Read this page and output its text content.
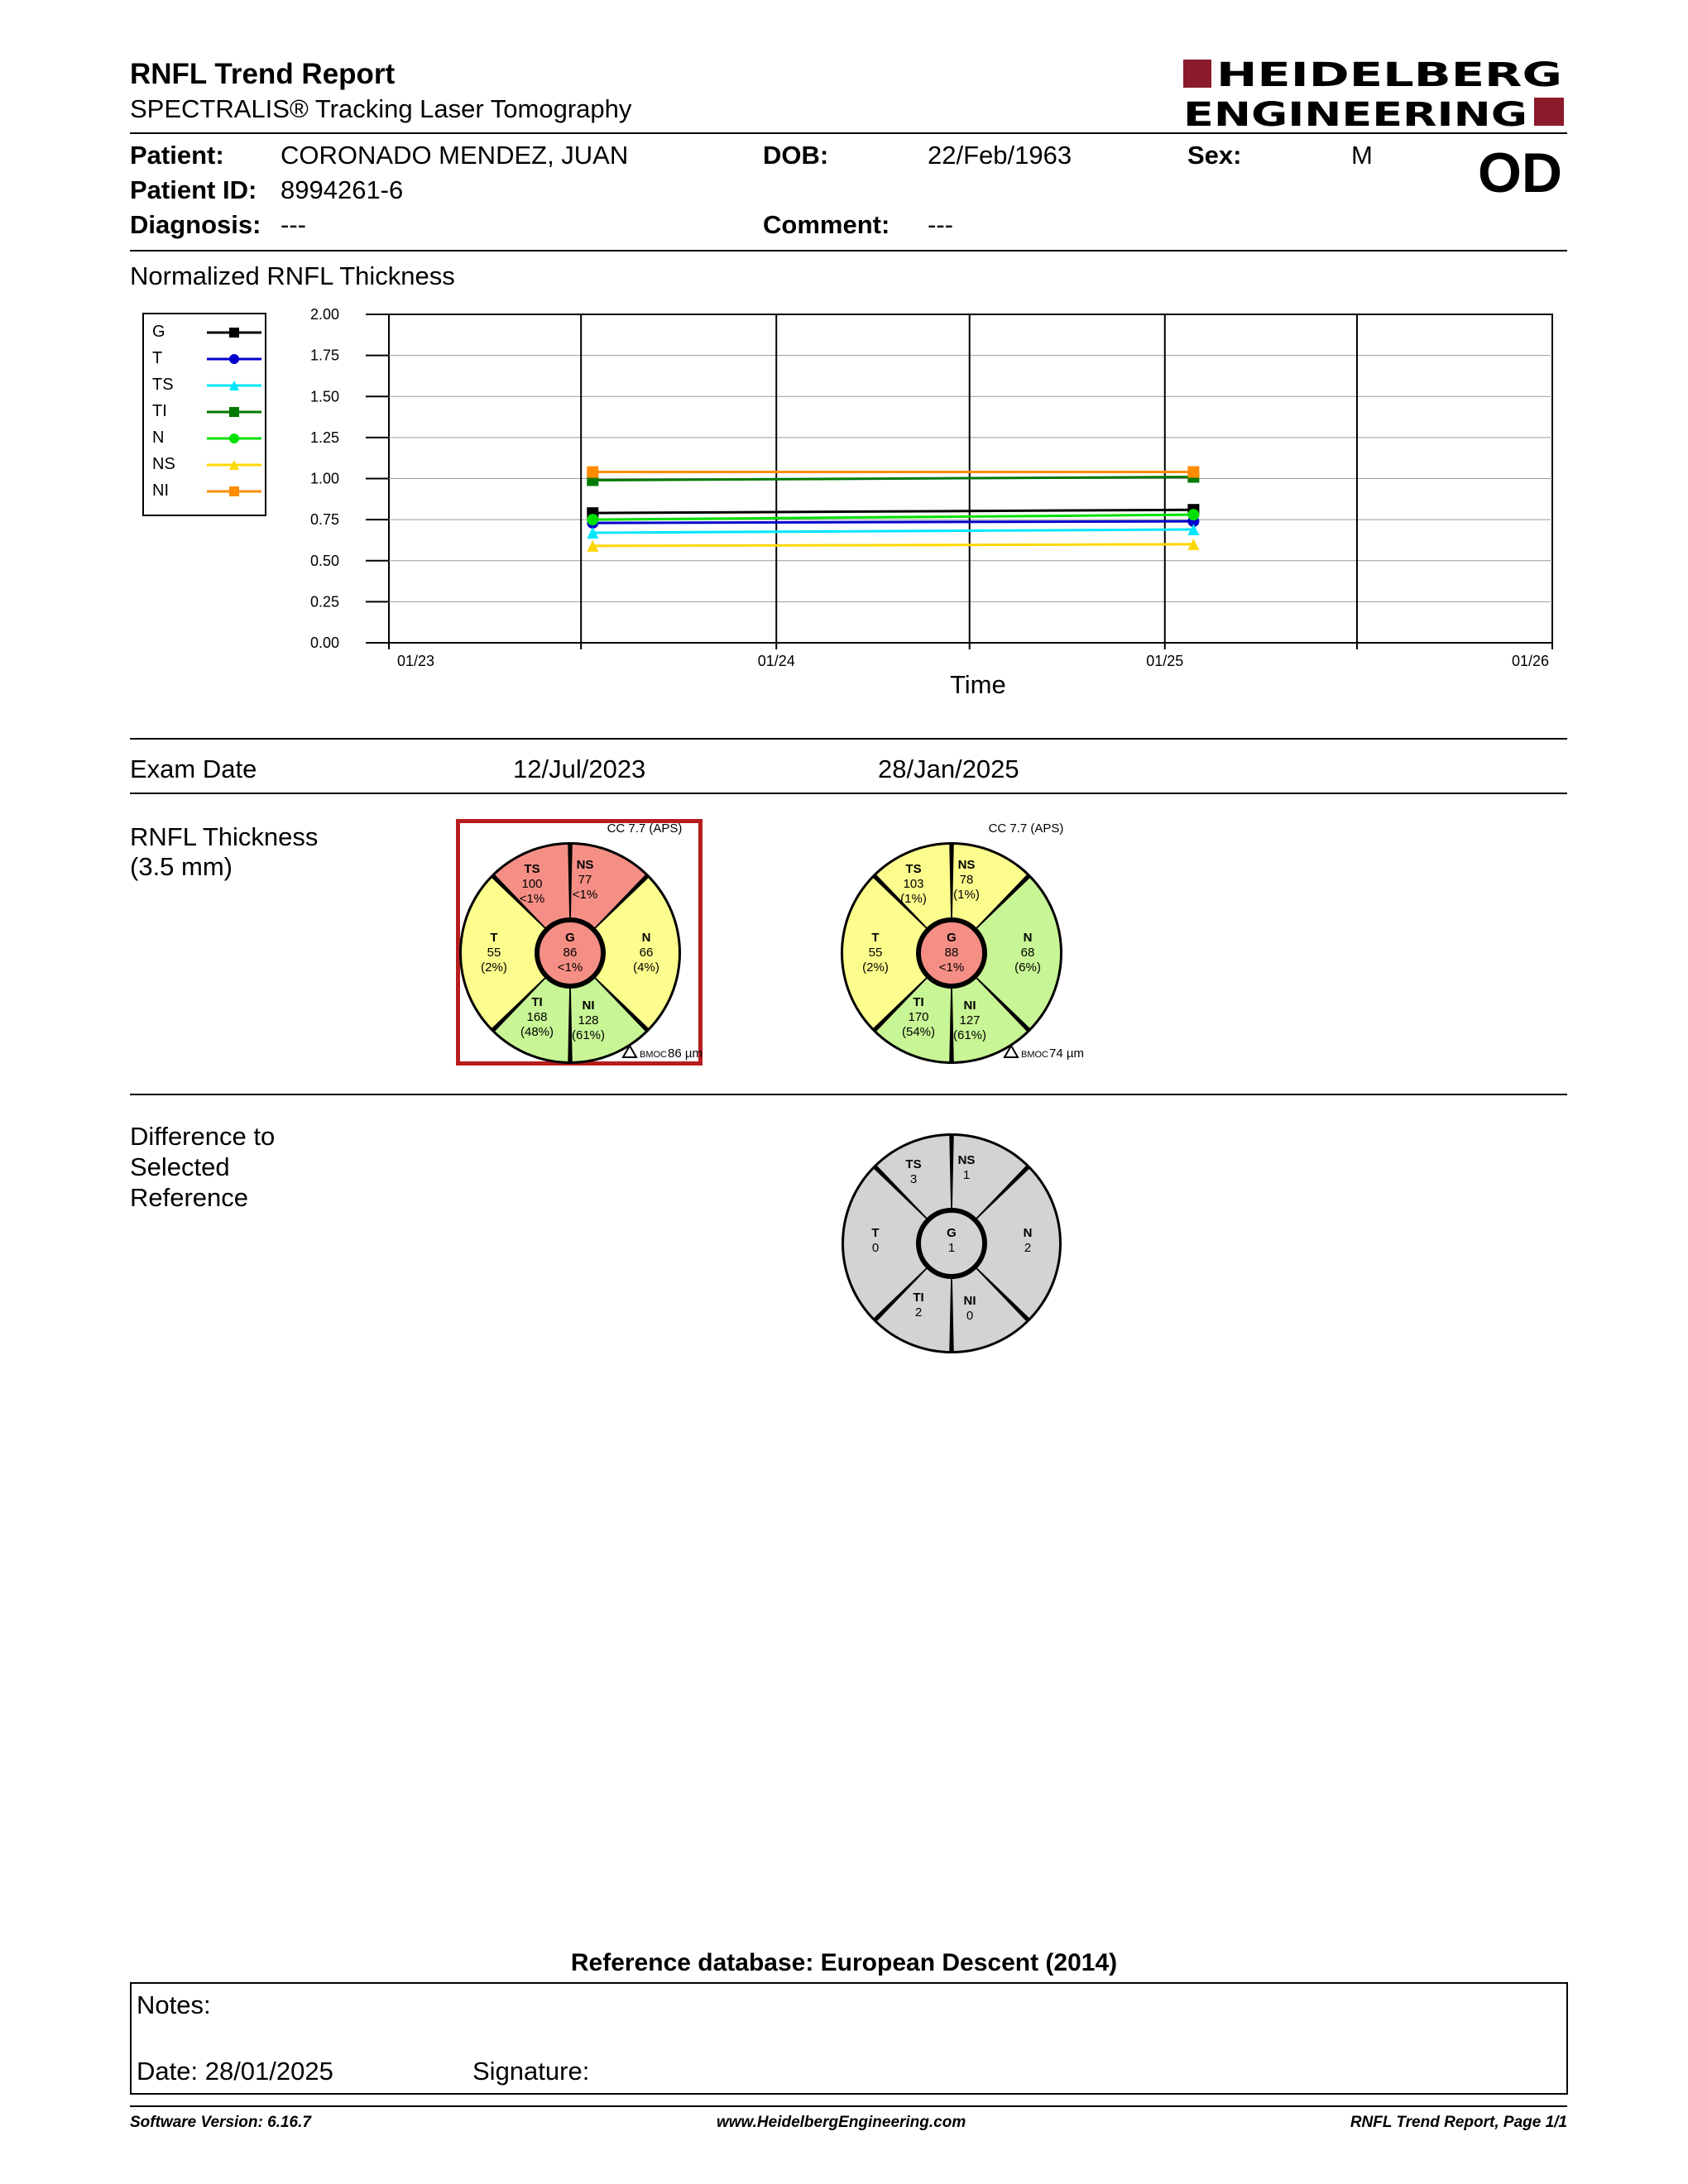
RNFL Trend Report
SPECTRALIS® Tracking Laser Tomography
HEIDELBERG
ENGINEERING
Patient: CORONADO MENDEZ, JUAN	DOB:	22/Feb/1963	Sex:	M OD
Patient ID: 8994261-6
Diagnosis: ---	Comment: ---
Normalized RNFL Thickness
2.00
1.75
1.50
1.25
1.00
0.75
0.50
0.25
0.00
01/23	01/24	01/25	01/26
G
T
TS
TI
N
NS
NI
Time
Exam Date	12/Jul/2023	28/Jan/2025
RNFL Thickness
(3.5 mm)	TS
100
<1%
NS
77
<1%
N
66
(4%)
NI
128
(61%)
TI
168
(48%)
T
55
(2%)
G
86
<1%
CC 7.7 (APS)
BMOC 86 µm
TS
103
(1%)
NS
78
(1%)
N
68
(6%)
NI
127
(61%)
TI
170
(54%)
T
55
(2%)
G
88
<1%
CC 7.7 (APS)
BMOC 74 µm
Difference to
Selected
Reference
TS
3
NS
1
N
2
NI
0
TI
2
T
0
G
1
Reference database: European Descent (2014)
Notes:
Date: 28/01/2025	Signature:
Software Version: 6.16.7	www.HeidelbergEngineering.com	RNFL Trend Report, Page 1/1
